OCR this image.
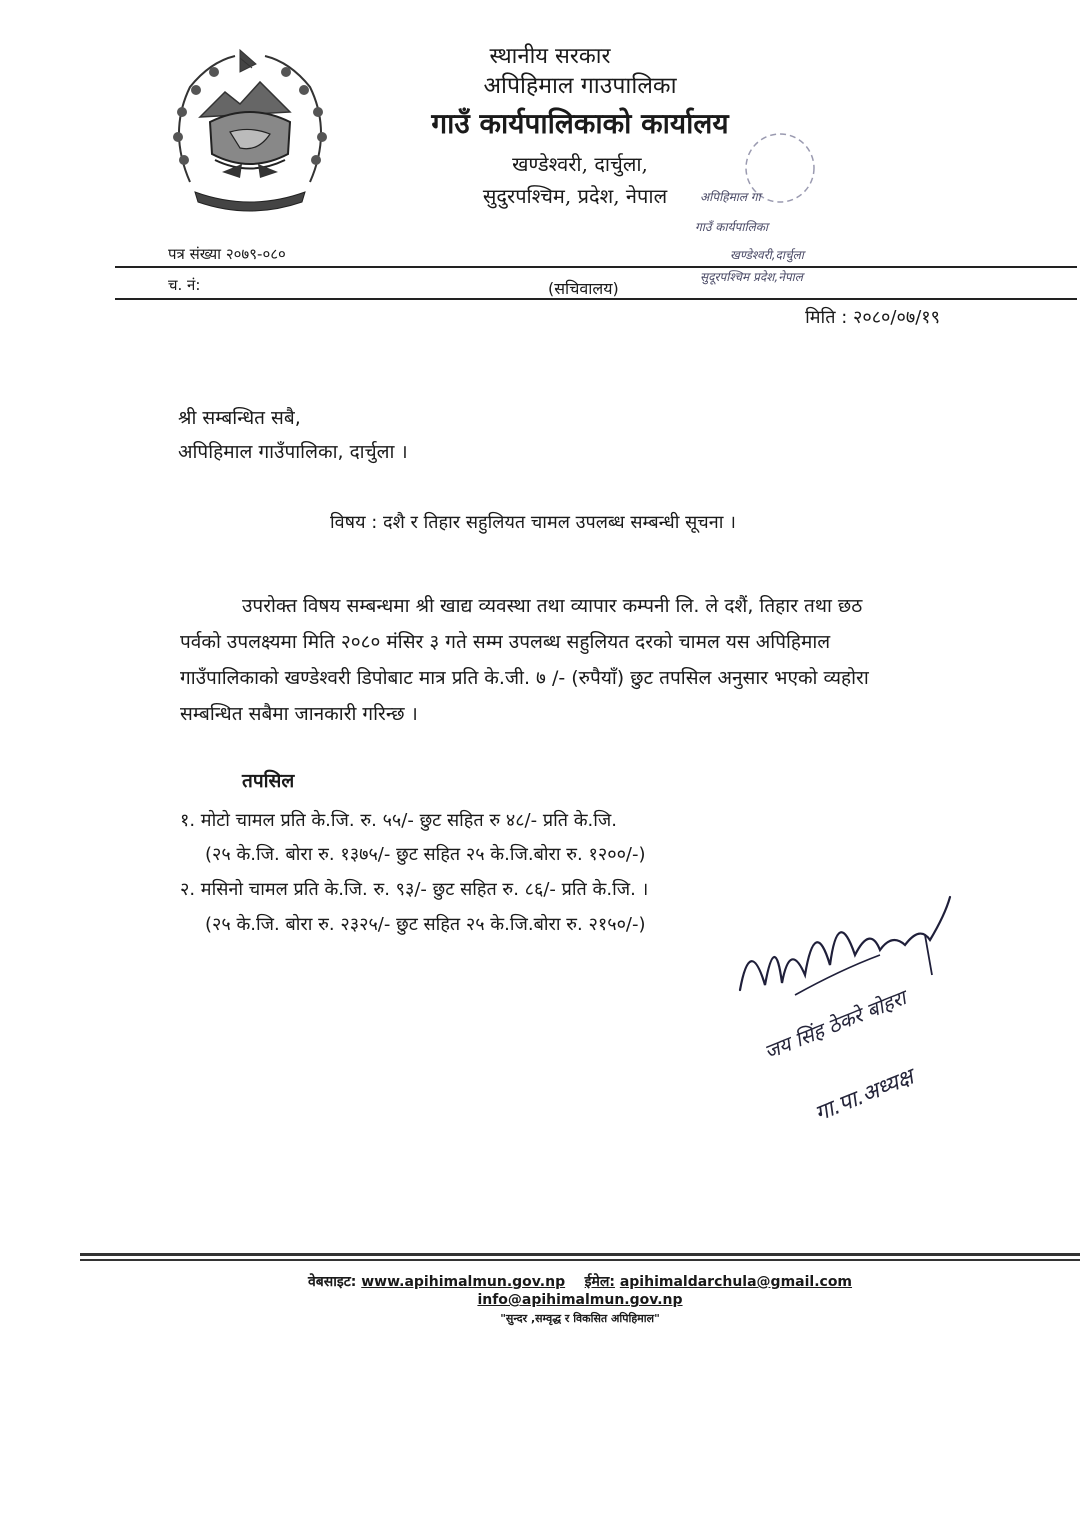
स्थानीय सरकार
अपिहिमाल गाउपालिका
गाउँ कार्यपालिकाको कार्यालय
खण्डेश्वरी, दार्चुला,
सुदुरपश्चिम, प्रदेश, नेपाल	अपिहिमाल गा
गाउँ कार्यपालिका
खण्डेश्वरी,दार्चुला
सुदूरपश्चिम प्रदेश,नेपाल
पत्र संख्या २०७९-०८०
च. नं:	(सचिवालय)
मिति : २०८०/०७/१९
श्री सम्बन्धित सबै,
अपिहिमाल गाउँपालिका, दार्चुला ।
विषय : दशै र तिहार सहुलियत चामल उपलब्ध सम्बन्धी सूचना ।
उपरोक्त विषय सम्बन्धमा श्री खाद्य व्यवस्था तथा व्यापार कम्पनी लि. ले दशैं, तिहार तथा छठ
पर्वको उपलक्ष्यमा मिति २०८० मंसिर ३ गते सम्म उपलब्ध सहुलियत दरको चामल यस अपिहिमाल
गाउँपालिकाको खण्डेश्वरी डिपोबाट मात्र प्रति के.जी. ७ /- (रुपैयाँ) छुट तपसिल अनुसार भएको व्यहोरा
सम्बन्धित सबैमा जानकारी गरिन्छ ।
तपसिल
१. मोटो चामल प्रति के.जि. रु. ५५/- छुट सहित रु ४८/- प्रति के.जि.
(२५ के.जि. बोरा रु. १३७५/- छुट सहित २५ के.जि.बोरा रु. १२००/-)
२. मसिनो चामल प्रति के.जि. रु. ९३/- छुट सहित रु. ८६/- प्रति के.जि. ।
(२५ के.जि. बोरा रु. २३२५/- छुट सहित २५ के.जि.बोरा रु. २१५०/-)
जय सिंह ठेकरे बोहरा
गा.पा.अध्यक्ष
वेबसाइट: www.apihimalmun.gov.np ईमेल: apihimaldarchula@gmail.com
info@apihimalmun.gov.np
"सुन्दर ,सम्वृद्ध र विकसित अपिहिमाल"
